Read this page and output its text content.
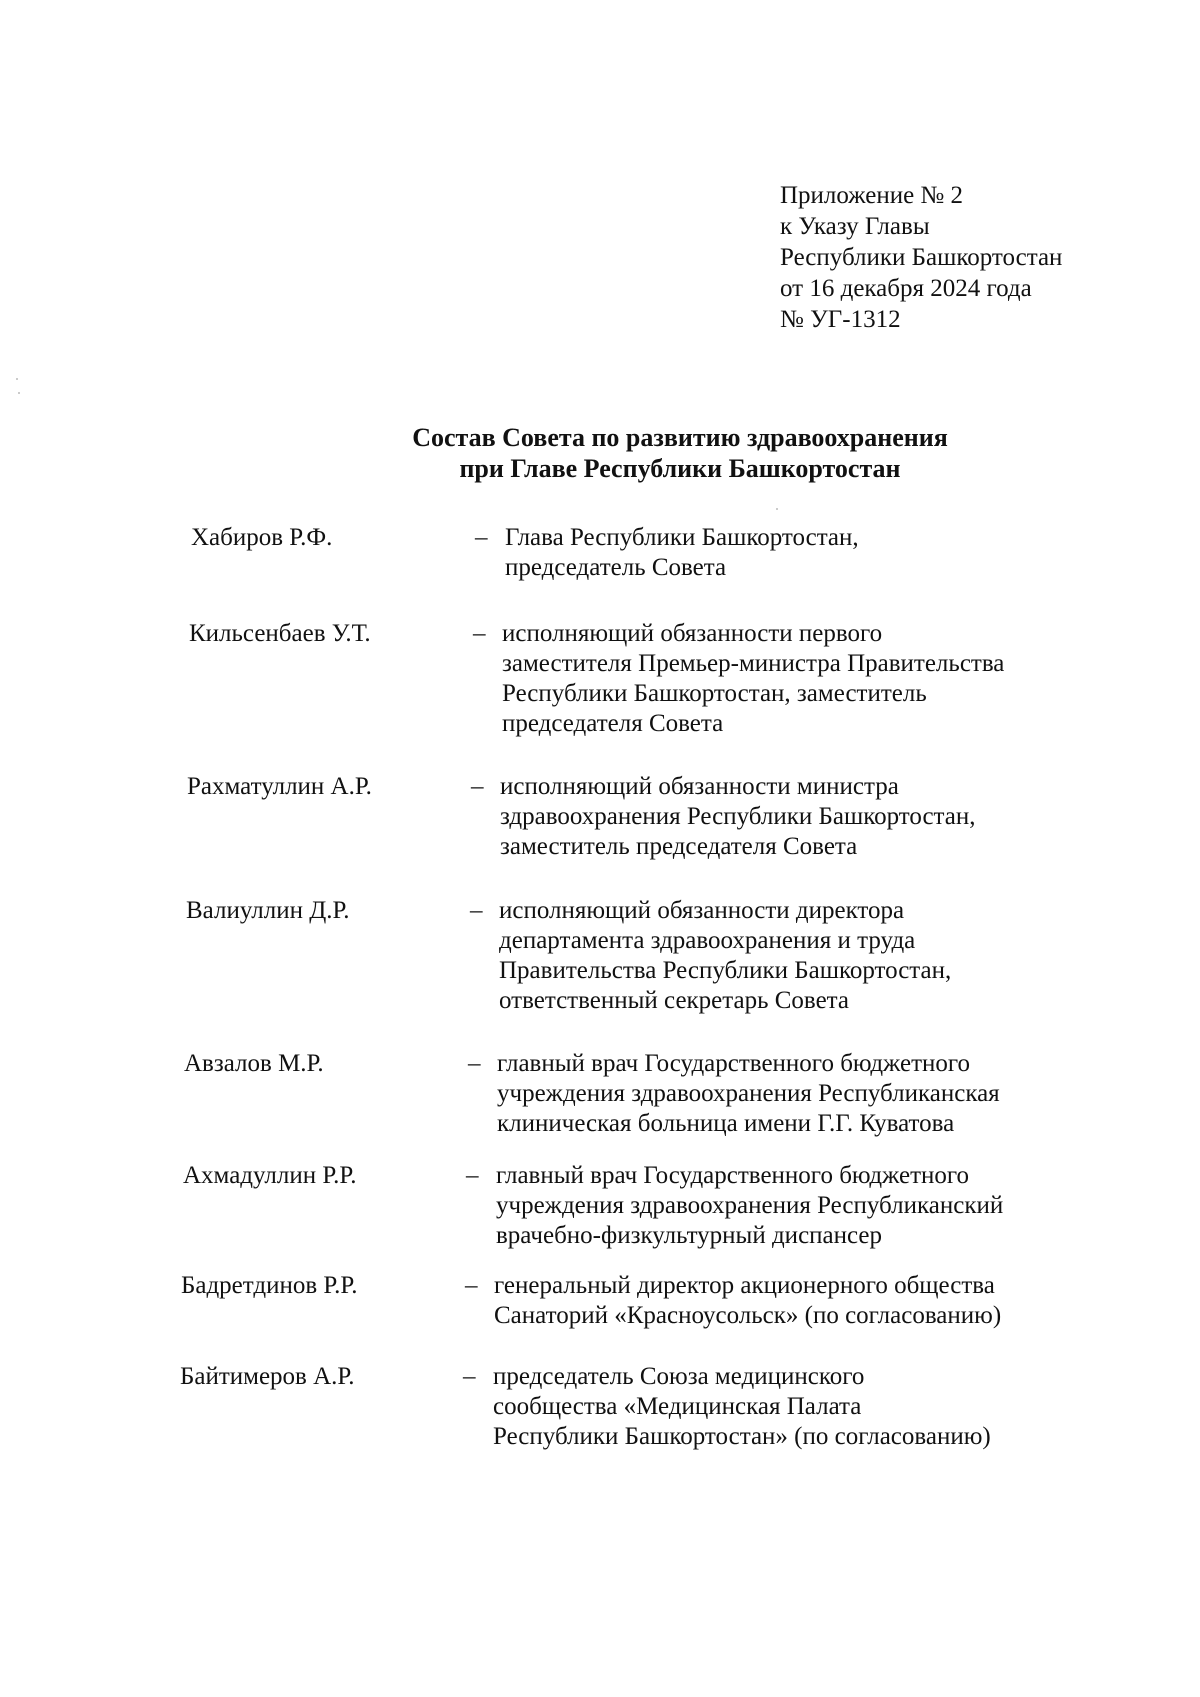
Приложение № 2
к Указу Главы
Республики Башкортостан
от 16 декабря 2024 года
№ УГ-1312
Состав Совета по развитию здравоохранения
при Главе Республики Башкортостан
Хабиров Р.Ф.	– Глава Республики Башкортостан,
председатель Совета
Кильсенбаев У.Т.	– исполняющий обязанности первого
заместителя Премьер-министра Правительства
Республики Башкортостан, заместитель
председателя Совета
Рахматуллин А.Р.	– исполняющий обязанности министра
здравоохранения Республики Башкортостан,
заместитель председателя Совета
Валиуллин Д.Р.	– исполняющий обязанности директора
департамента здравоохранения и труда
Правительства Республики Башкортостан,
ответственный секретарь Совета
Авзалов М.Р.	– главный врач Государственного бюджетного
учреждения здравоохранения Республиканская
клиническая больница имени Г.Г. Куватова
Ахмадуллин Р.Р.	– главный врач Государственного бюджетного
учреждения здравоохранения Республиканский
врачебно-физкультурный диспансер
Бадретдинов Р.Р.	– генеральный директор акционерного общества
Санаторий «Красноусольск» (по согласованию)
Байтимеров А.Р.	– председатель Союза медицинского
сообщества «Медицинская Палата
Республики Башкортостан» (по согласованию)
